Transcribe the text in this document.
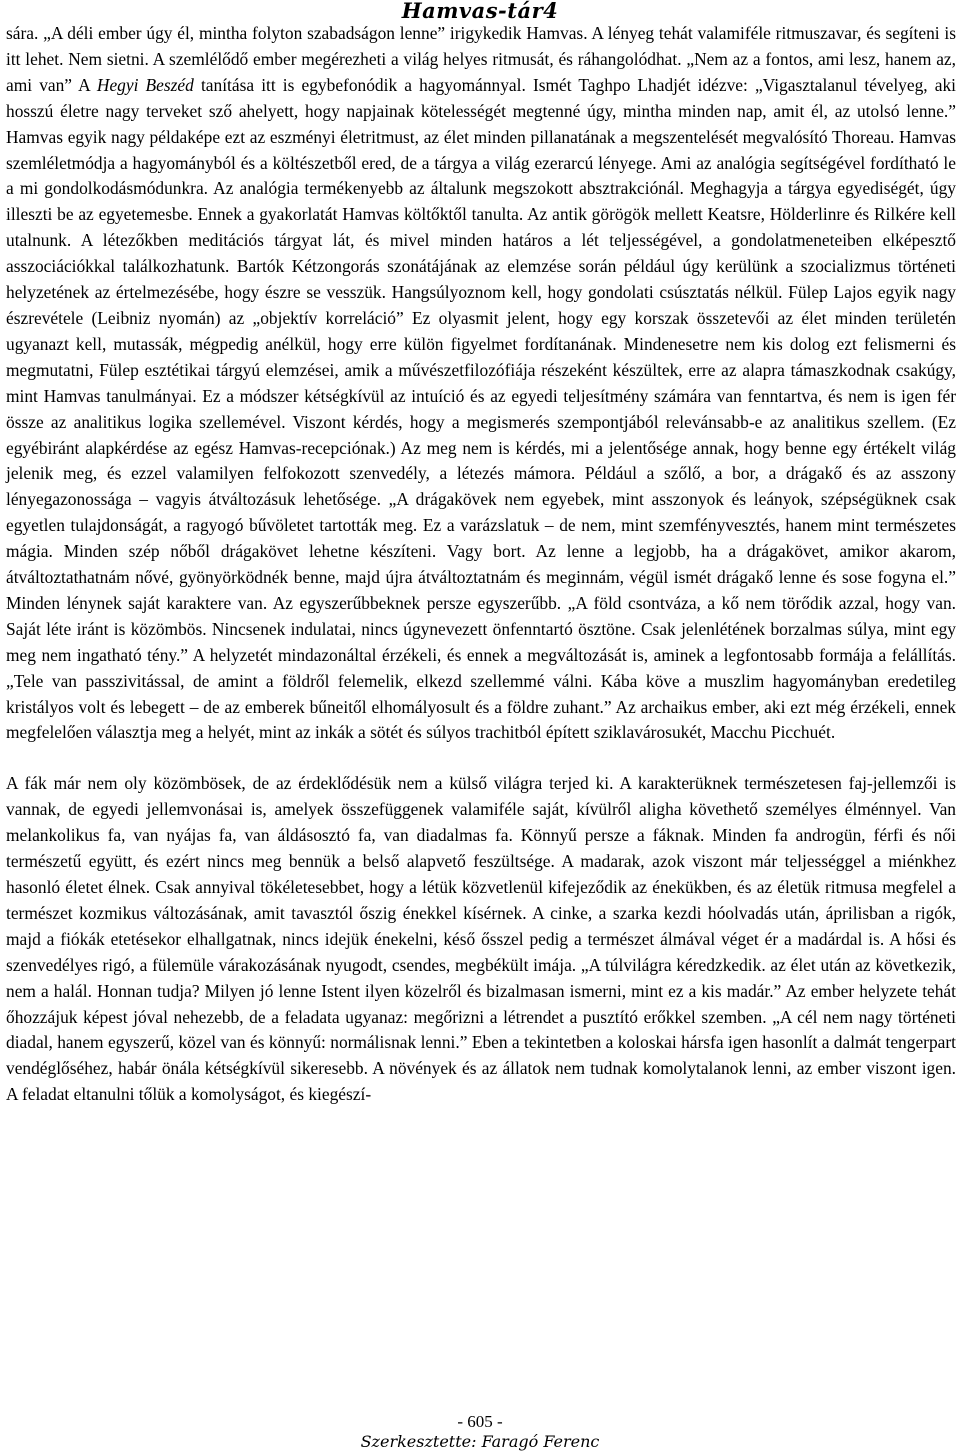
Hamvas-tár4

sára. „A déli ember úgy él, mintha folyton szabadságon lenne” irigykedik Hamvas. A lényeg tehát valamiféle ritmuszavar, és segíteni is itt lehet. Nem sietni. A szemlélődő ember megérezheti a világ helyes ritmusát, és ráhangolódhat. „Nem az a fontos, ami lesz, hanem az, ami van” A Hegyi Beszéd tanítása itt is egybefonódik a hagyománnyal. Ismét Taghpo Lhadjét idézve: „Vigasztalanul tévelyeg, aki hosszú életre nagy terveket sző ahelyett, hogy napjainak kötelességét megtenné úgy, mintha minden nap, amit él, az utolsó lenne.” Hamvas egyik nagy példaképe ezt az eszményi életritmust, az élet minden pillanatának a megszentelését megvalósító Thoreau. Hamvas szemléletmódja a hagyományból és a költészetből ered, de a tárgya a világ ezerarcú lényege. Ami az analógia segítségével fordítható le a mi gondolkodásmódunkra. Az analógia termékenyebb az általunk megszokott absztrakciónál. Meghagyja a tárgya egyediségét, úgy illeszti be az egyetemesbe. Ennek a gyakorlatát Hamvas költőktől tanulta. Az antik görögök mellett Keatsre, Hölderlinre és Rilkére kell utalnunk. A létezőkben meditációs tárgyat lát, és mivel minden határos a lét teljességével, a gondolatmeneteiben elképesztő asszociációkkal találkozhatunk. Bartók Kétzongorás szonátájának az elemzése során például úgy kerülünk a szocializmus történeti helyzetének az értelmezésébe, hogy észre se vesszük. Hangsúlyoznom kell, hogy gondolati csúsztatás nélkül. Fülep Lajos egyik nagy észrevétele (Leibniz nyomán) az „objektív korreláció” Ez olyasmit jelent, hogy egy korszak összetevői az élet minden területén ugyanazt kell, mutassák, mégpedig anélkül, hogy erre külön figyelmet fordítanának. Mindenesetre nem kis dolog ezt felismerni és megmutatni, Fülep esztétikai tárgyú elemzései, amik a művészetfilozófiája részeként készültek, erre az alapra támaszkodnak csakúgy, mint Hamvas tanulmányai. Ez a módszer kétségkívül az intuíció és az egyedi teljesítmény számára van fenntartva, és nem is igen fér össze az analitikus logika szellemével. Viszont kérdés, hogy a megismerés szempontjából relevánsabb-e az analitikus szellem. (Ez egyébiránt alapkérdése az egész Hamvas-recepciónak.) Az meg nem is kérdés, mi a jelentősége annak, hogy benne egy értékelt világ jelenik meg, és ezzel valamilyen felfokozott szenvedély, a létezés mámora. Például a szőlő, a bor, a drágakő és az asszony lényegazonossága – vagyis átváltozásuk lehetősége. „A drágakövek nem egyebek, mint asszonyok és leányok, szépségüknek csak egyetlen tulajdonságát, a ragyogó bűvöletet tartották meg. Ez a varázslatuk – de nem, mint szemfényvesztés, hanem mint természetes mágia. Minden szép nőből drágakövet lehetne készíteni. Vagy bort. Az lenne a legjobb, ha a drágakövet, amikor akarom, átváltoztathatnám nővé, gyönyörködnék benne, majd újra átváltoztatnám és meginnám, végül ismét drágakő lenne és sose fogyna el.” Minden lénynek saját karaktere van. Az egyszerűbbeknek persze egyszerűbb. „A föld csontváza, a kő nem törődik azzal, hogy van. Saját léte iránt is közömbös. Nincsenek indulatai, nincs úgynevezett önfenntartó ösztöne. Csak jelenlétének borzalmas súlya, mint egy meg nem ingatható tény.” A helyzetét mindazonáltal érzékeli, és ennek a megváltozását is, aminek a legfontosabb formája a felállítás. „Tele van passzivitással, de amint a földről felemelik, elkezd szellemmé válni. Kába köve a muszlim hagyományban eredetileg kristályos volt és lebegett – de az emberek bűneitől elhomályosult és a földre zuhant.” Az archaikus ember, aki ezt még érzékeli, ennek megfelelően választja meg a helyét, mint az inkák a sötét és súlyos trachitból épített sziklavárosukét, Macchu Picchuét.

A fák már nem oly közömbösek, de az érdeklődésük nem a külső világra terjed ki. A karakterüknek természetesen faj-jellemzői is vannak, de egyedi jellemvonásai is, amelyek összefüggenek valamiféle saját, kívülről aligha követhető személyes élménnyel. Van melankolikus fa, van nyájas fa, van áldásosztó fa, van diadalmas fa. Könnyű persze a fáknak. Minden fa androgün, férfi és női természetű együtt, és ezért nincs meg bennük a belső alapvető feszültsége. A madarak, azok viszont már teljességgel a miénkhez hasonló életet élnek. Csak annyival tökéletesebbet, hogy a létük közvetlenül kifejeződik az énekükben, és az életük ritmusa megfelel a természet kozmikus változásának, amit tavasztól őszig énekkel kísérnek. A cinke, a szarka kezdi hóolvadás után, áprilisban a rigók, majd a fiókák etetésekor elhallgatnak, nincs idejük énekelni, késő ősszel pedig a természet álmával véget ér a madárdal is. A hősi és szenvedélyes rigó, a fülemüle várakozásának nyugodt, csendes, megbékült imája. „A túlvilágra kéredzkedik. az élet után az következik, nem a halál. Honnan tudja? Milyen jó lenne Istent ilyen közelről és bizalmasan ismerni, mint ez a kis madár.” Az ember helyzete tehát őhozzájuk képest jóval nehezebb, de a feladata ugyanaz: megőrizni a létrendet a pusztító erőkkel szemben. „A cél nem nagy történeti diadal, hanem egyszerű, közel van és könnyű: normálisnak lenni.” Eben a tekintetben a koloskai hársfa igen hasonlít a dalmát tengerpart vendéglőséhez, habár önála kétségkívül sikeresebb. A növények és az állatok nem tudnak komolytalanok lenni, az ember viszont igen. A feladat eltanulni tőlük a komolyságot, és kiegészí-

- 605 -
Szerkesztette: Faragó Ferenc
